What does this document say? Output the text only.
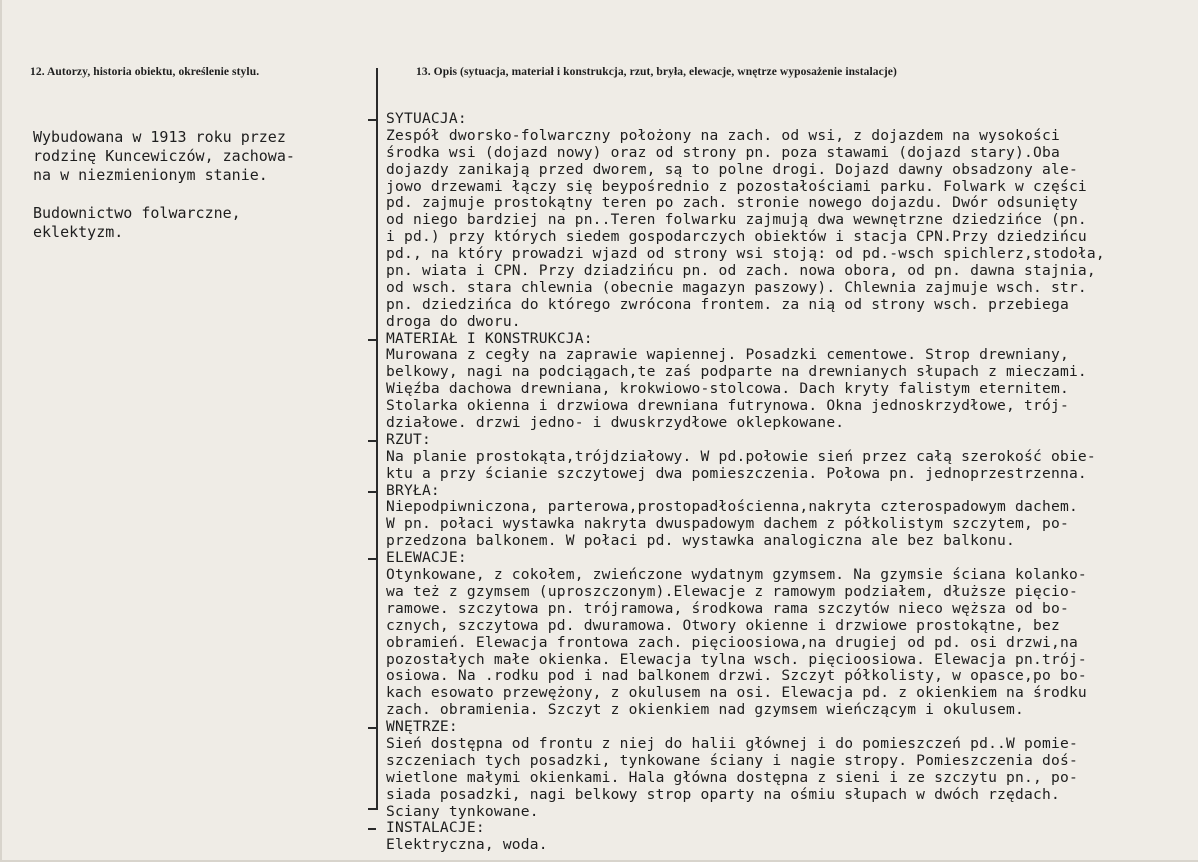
12. Autorzy, historia obiektu, określenie stylu.	13. Opis (sytuacja, materiał i konstrukcja, rzut, bryła, elewacje, wnętrze wyposażenie instalacje)

Wybudowana w 1913 roku przez
rodzinę Kuncewiczów, zachowa-
na w niezmienionym stanie.

Budownictwo folwarczne,
eklektyzm.

SYTUACJA:
Zespół dworsko-folwarczny położony na zach. od wsi, z dojazdem na wysokości
środka wsi (dojazd nowy) oraz od strony pn. poza stawami (dojazd stary).Oba
dojazdy zanikają przed dworem, są to polne drogi. Dojazd dawny obsadzony ale-
jowo drzewami łączy się beypośrednio z pozostałościami parku. Folwark w części
pd. zajmuje prostokątny teren po zach. stronie nowego dojazdu. Dwór odsunięty
od niego bardziej na pn..Teren folwarku zajmują dwa wewnętrzne dziedzińce (pn.
i pd.) przy których siedem gospodarczych obiektów i stacja CPN.Przy dziedzińcu
pd., na który prowadzi wjazd od strony wsi stoją: od pd.-wsch spichlerz,stodoła,
pn. wiata i CPN. Przy dziadzińcu pn. od zach. nowa obora, od pn. dawna stajnia,
od wsch. stara chlewnia (obecnie magazyn paszowy). Chlewnia zajmuje wsch. str.
pn. dziedzińca do którego zwrócona frontem. za nią od strony wsch. przebiega
droga do dworu.
MATERIAŁ I KONSTRUKCJA:
Murowana z cegły na zaprawie wapiennej. Posadzki cementowe. Strop drewniany,
belkowy, nagi na podciągach,te zaś podparte na drewnianych słupach z mieczami.
Więźba dachowa drewniana, krokwiowo-stolcowa. Dach kryty falistym eternitem.
Stolarka okienna i drzwiowa drewniana futrynowa. Okna jednoskrzydłowe, trój-
działowe. drzwi jedno- i dwuskrzydłowe oklepkowane.
RZUT:
Na planie prostokąta,trójdziałowy. W pd.połowie sień przez całą szerokość obie-
ktu a przy ścianie szczytowej dwa pomieszczenia. Połowa pn. jednoprzestrzenna.
BRYŁA:
Niepodpiwniczona, parterowa,prostopadłościenna,nakryta czterospadowym dachem.
W pn. połaci wystawka nakryta dwuspadowym dachem z półkolistym szczytem, po-
przedzona balkonem. W połaci pd. wystawka analogiczna ale bez balkonu.
ELEWACJE:
Otynkowane, z cokołem, zwieńczone wydatnym gzymsem. Na gzymsie ściana kolanko-
wa też z gzymsem (uproszczonym).Elewacje z ramowym podziałem, dłuższe pięcio-
ramowe. szczytowa pn. trójramowa, środkowa rama szczytów nieco węższa od bo-
cznych, szczytowa pd. dwuramowa. Otwory okienne i drzwiowe prostokątne, bez
obramień. Elewacja frontowa zach. pięcioosiowa,na drugiej od pd. osi drzwi,na
pozostałych małe okienka. Elewacja tylna wsch. pięcioosiowa. Elewacja pn.trój-
osiowa. Na .rodku pod i nad balkonem drzwi. Szczyt półkolisty, w opasce,po bo-
kach esowato przewężony, z okulusem na osi. Elewacja pd. z okienkiem na środku
zach. obramienia. Szczyt z okienkiem nad gzymsem wieńczącym i okulusem.
WNĘTRZE:
Sień dostępna od frontu z niej do halii głównej i do pomieszczeń pd..W pomie-
szczeniach tych posadzki, tynkowane ściany i nagie stropy. Pomieszczenia doś-
wietlone małymi okienkami. Hala główna dostępna z sieni i ze szczytu pn., po-
siada posadzki, nagi belkowy strop oparty na ośmiu słupach w dwóch rzędach.
Sciany tynkowane.
INSTALACJE:
Elektryczna, woda.
